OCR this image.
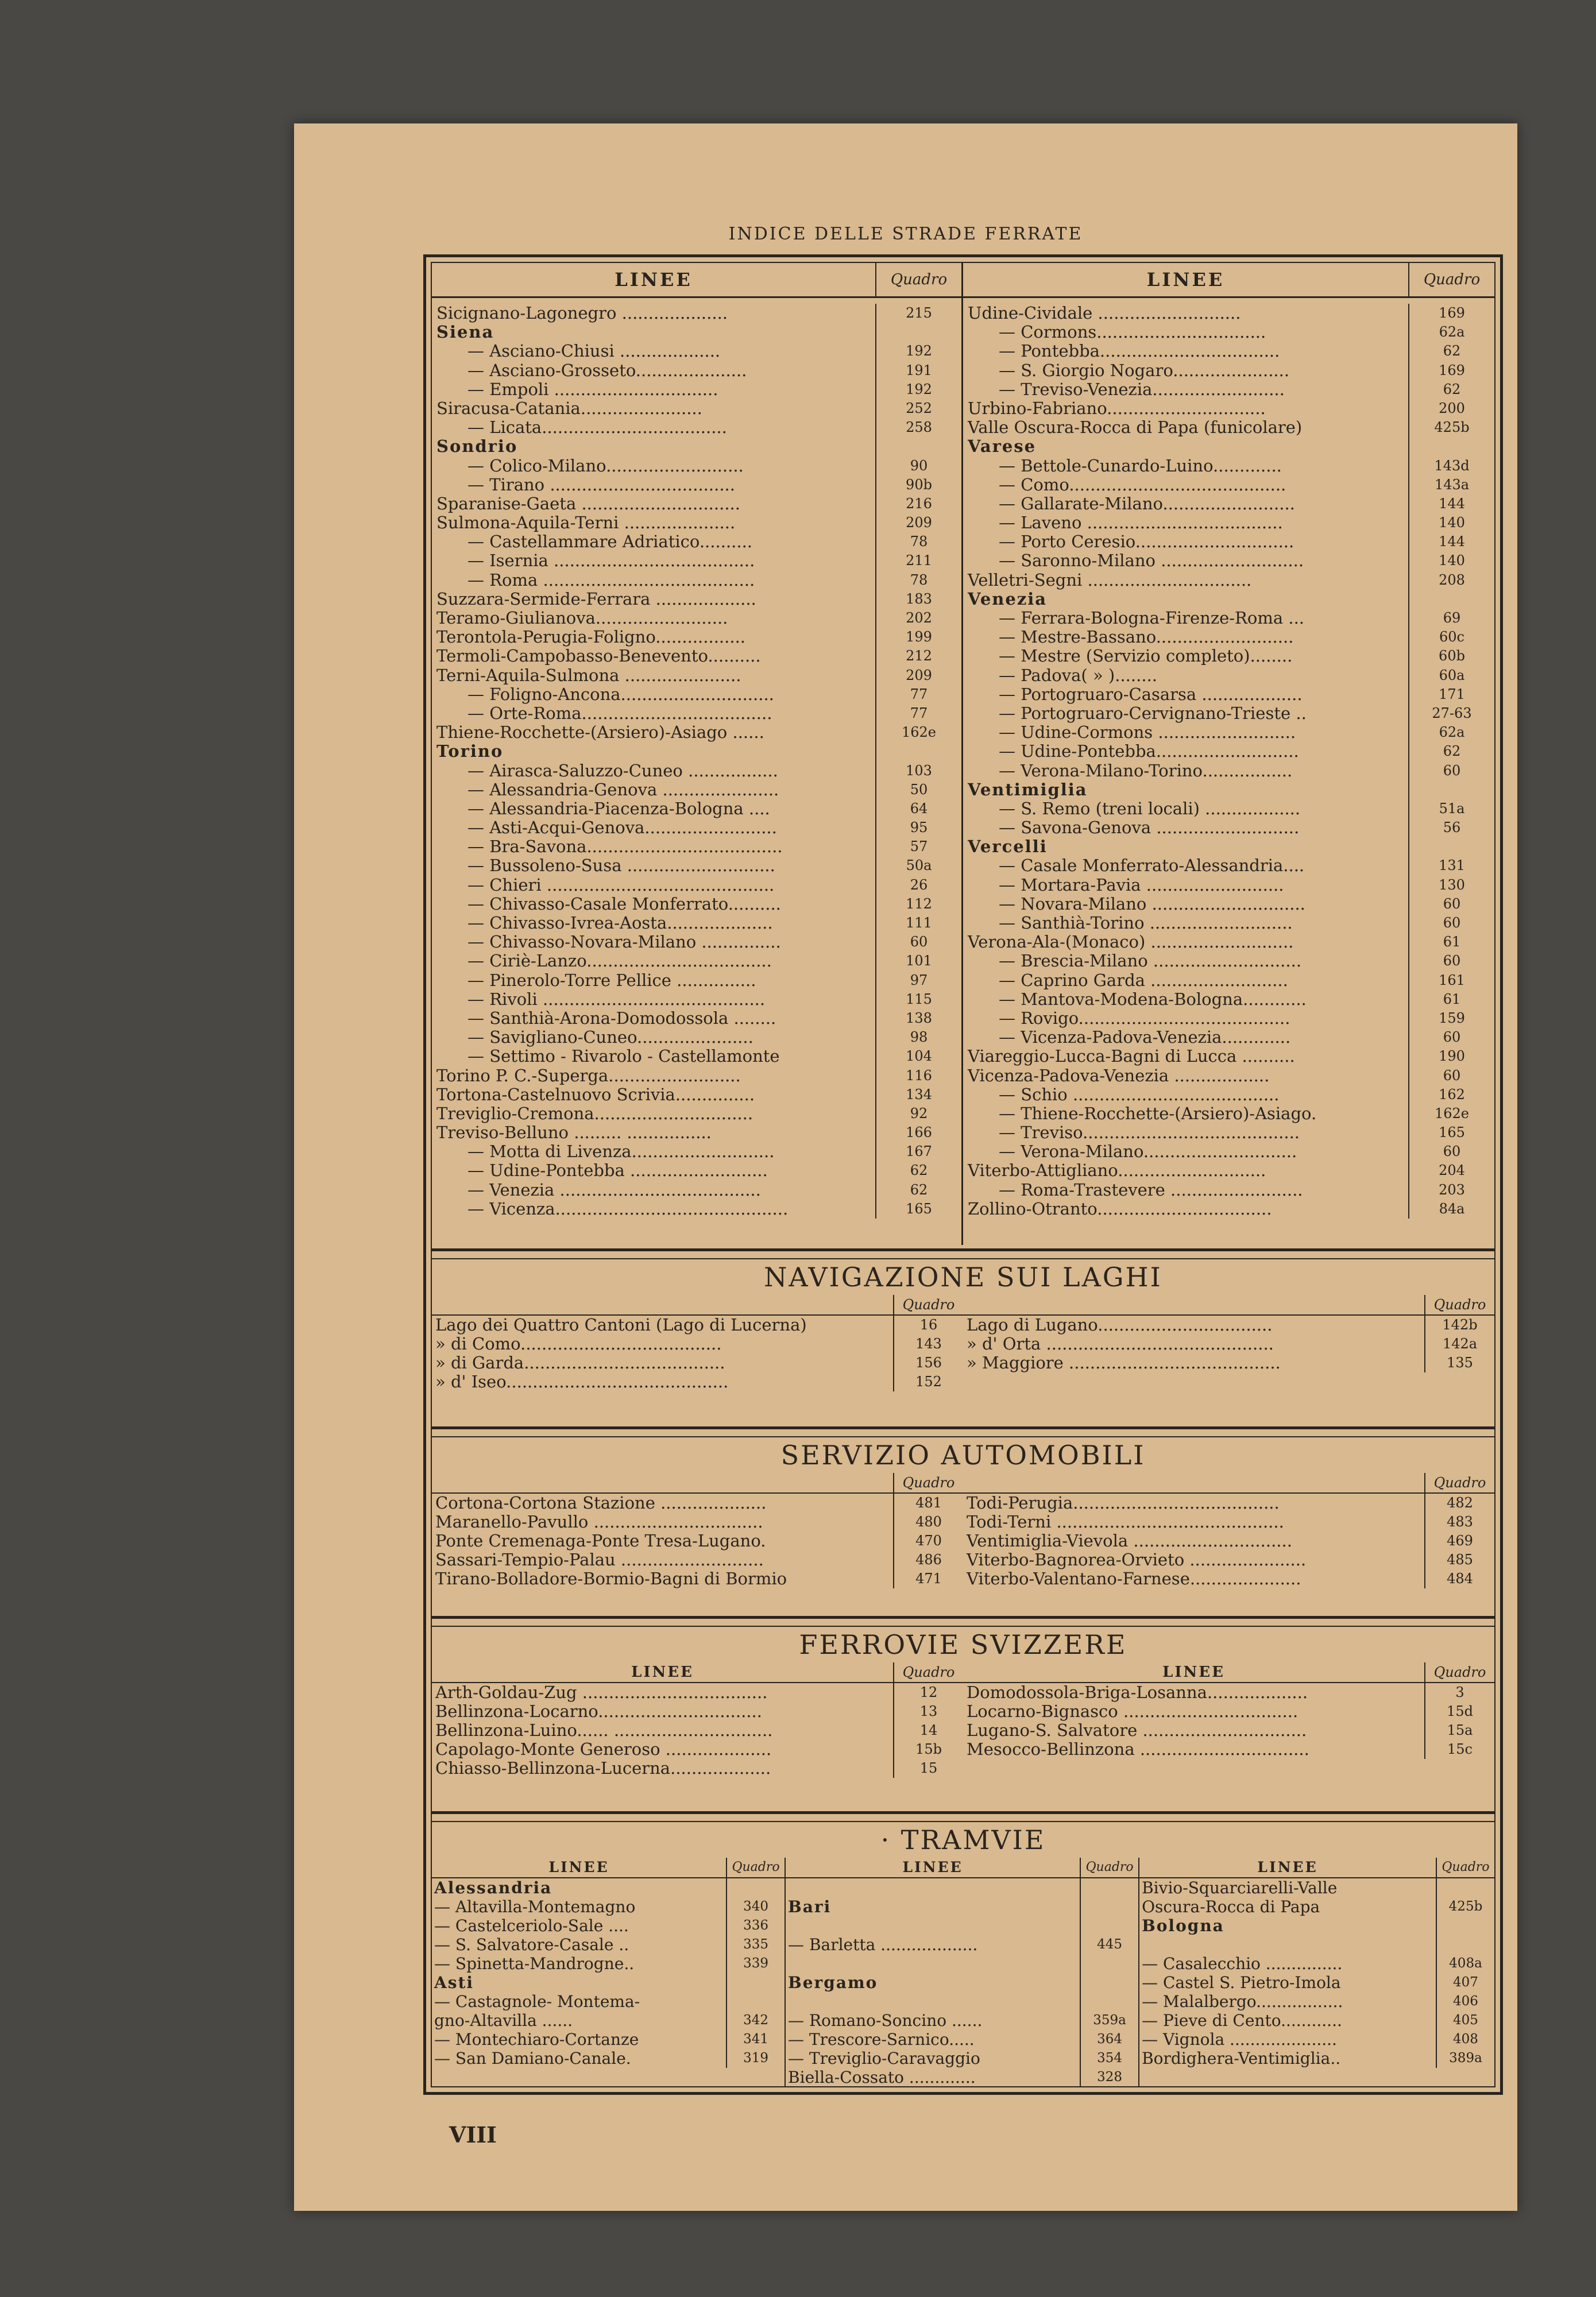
INDICE DELLE STRADE FERRATE
LINEE	Quadro
Sicignano-Lagonegro ....................	215
Siena
— Asciano-Chiusi ...................	192
— Asciano-Grosseto.....................	191
— Empoli ...............................	192
Siracusa-Catania.......................	252
— Licata...................................	258
Sondrio
— Colico-Milano..........................	90
— Tirano ...................................	90b
Sparanise-Gaeta ..............................	216
Sulmona-Aquila-Terni .....................	209
— Castellammare Adriatico..........	78
— Isernia ......................................	211
— Roma ........................................	78
Suzzara-Sermide-Ferrara ...................	183
Teramo-Giulianova.........................	202
Terontola-Perugia-Foligno.................	199
Termoli-Campobasso-Benevento..........	212
Terni-Aquila-Sulmona ......................	209
— Foligno-Ancona.............................	77
— Orte-Roma....................................	77
Thiene-Rocchette-(Arsiero)-Asiago ......	162e
Torino
— Airasca-Saluzzo-Cuneo .................	103
— Alessandria-Genova ......................	50
— Alessandria-Piacenza-Bologna ....	64
— Asti-Acqui-Genova.........................	95
— Bra-Savona.....................................	57
— Bussoleno-Susa ............................	50a
— Chieri ...........................................	26
— Chivasso-Casale Monferrato..........	112
— Chivasso-Ivrea-Aosta....................	111
— Chivasso-Novara-Milano ...............	60
— Ciriè-Lanzo...................................	101
— Pinerolo-Torre Pellice ...............	97
— Rivoli ..........................................	115
— Santhià-Arona-Domodossola ........	138
— Savigliano-Cuneo......................	98
— Settimo - Rivarolo - Castellamonte	104
Torino P. C.-Superga.........................	116
Tortona-Castelnuovo Scrivia...............	134
Treviglio-Cremona..............................	92
Treviso-Belluno ......... ................	166
— Motta di Livenza...........................	167
— Udine-Pontebba ..........................	62
— Venezia ......................................	62
— Vicenza............................................	165
LINEE	Quadro
Udine-Cividale ...........................	169
— Cormons................................	62a
— Pontebba..................................	62
— S. Giorgio Nogaro......................	169
— Treviso-Venezia.........................	62
Urbino-Fabriano..............................	200
Valle Oscura-Rocca di Papa (funicolare)	425b
Varese
— Bettole-Cunardo-Luino.............	143d
— Como.........................................	143a
— Gallarate-Milano.........................	144
— Laveno .....................................	140
— Porto Ceresio..............................	144
— Saronno-Milano ...........................	140
Velletri-Segni ...............................	208
Venezia
— Ferrara-Bologna-Firenze-Roma ...	69
— Mestre-Bassano..........................	60c
— Mestre (Servizio completo)........	60b
— Padova( » )........	60a
— Portogruaro-Casarsa ...................	171
— Portogruaro-Cervignano-Trieste ..	27-63
— Udine-Cormons ..........................	62a
— Udine-Pontebba...........................	62
— Verona-Milano-Torino.................	60
Ventimiglia
— S. Remo (treni locali) ..................	51a
— Savona-Genova ...........................	56
Vercelli
— Casale Monferrato-Alessandria....	131
— Mortara-Pavia ..........................	130
— Novara-Milano .............................	60
— Santhià-Torino ...........................	60
Verona-Ala-(Monaco) ...........................	61
— Brescia-Milano ............................	60
— Caprino Garda ..........................	161
— Mantova-Modena-Bologna............	61
— Rovigo........................................	159
— Vicenza-Padova-Venezia.............	60
Viareggio-Lucca-Bagni di Lucca ..........	190
Vicenza-Padova-Venezia ..................	60
— Schio .......................................	162
— Thiene-Rocchette-(Arsiero)-Asiago.	162e
— Treviso.........................................	165
— Verona-Milano.............................	60
Viterbo-Attigliano............................	204
— Roma-Trastevere .........................	203
Zollino-Otranto.................................	84a
NAVIGAZIONE SUI LAGHI
Quadro
Lago dei Quattro Cantoni (Lago di Lucerna)	16
» di Como......................................	143
» di Garda......................................	156
» d' Iseo..........................................	152
Quadro
Lago di Lugano.................................	142b
» d' Orta ...........................................	142a
» Maggiore ........................................	135
SERVIZIO AUTOMOBILI
Quadro
Cortona-Cortona Stazione ....................	481
Maranello-Pavullo ................................	480
Ponte Cremenaga-Ponte Tresa-Lugano.	470
Sassari-Tempio-Palau ...........................	486
Tirano-Bolladore-Bormio-Bagni di Bormio	471
Quadro
Todi-Perugia.......................................	482
Todi-Terni ...........................................	483
Ventimiglia-Vievola ..............................	469
Viterbo-Bagnorea-Orvieto ......................	485
Viterbo-Valentano-Farnese.....................	484
FERROVIE SVIZZERE
LINEE	Quadro
Arth-Goldau-Zug ...................................	12
Bellinzona-Locarno...............................	13
Bellinzona-Luino...... ..............................	14
Capolago-Monte Generoso ....................	15b
Chiasso-Bellinzona-Lucerna...................	15
LINEE	Quadro
Domodossola-Briga-Losanna...................	3
Locarno-Bignasco .................................	15d
Lugano-S. Salvatore ...............................	15a
Mesocco-Bellinzona ................................	15c
· TRAMVIE
LINEE	Quadro
Alessandria
— Altavilla-Montemagno	340
— Castelceriolo-Sale ....	336
— S. Salvatore-Casale ..	335
— Spinetta-Mandrogne..	339
Asti
— Castagnole- Montema-
gno-Altavilla ......	342
— Montechiaro-Cortanze	341
— San Damiano-Canale.	319
LINEE	Quadro
Bari
— Barletta ...................	445
Bergamo
— Romano-Soncino ......	359a
— Trescore-Sarnico.....	364
— Treviglio-Caravaggio	354
Biella-Cossato .............	328
LINEE	Quadro
Bivio-Squarciarelli-Valle
Oscura-Rocca di Papa	425b
Bologna
— Casalecchio ...............	408a
— Castel S. Pietro-Imola	407
— Malalbergo.................	406
— Pieve di Cento............	405
— Vignola .....................	408
Bordighera-Ventimiglia..	389a
VIII
